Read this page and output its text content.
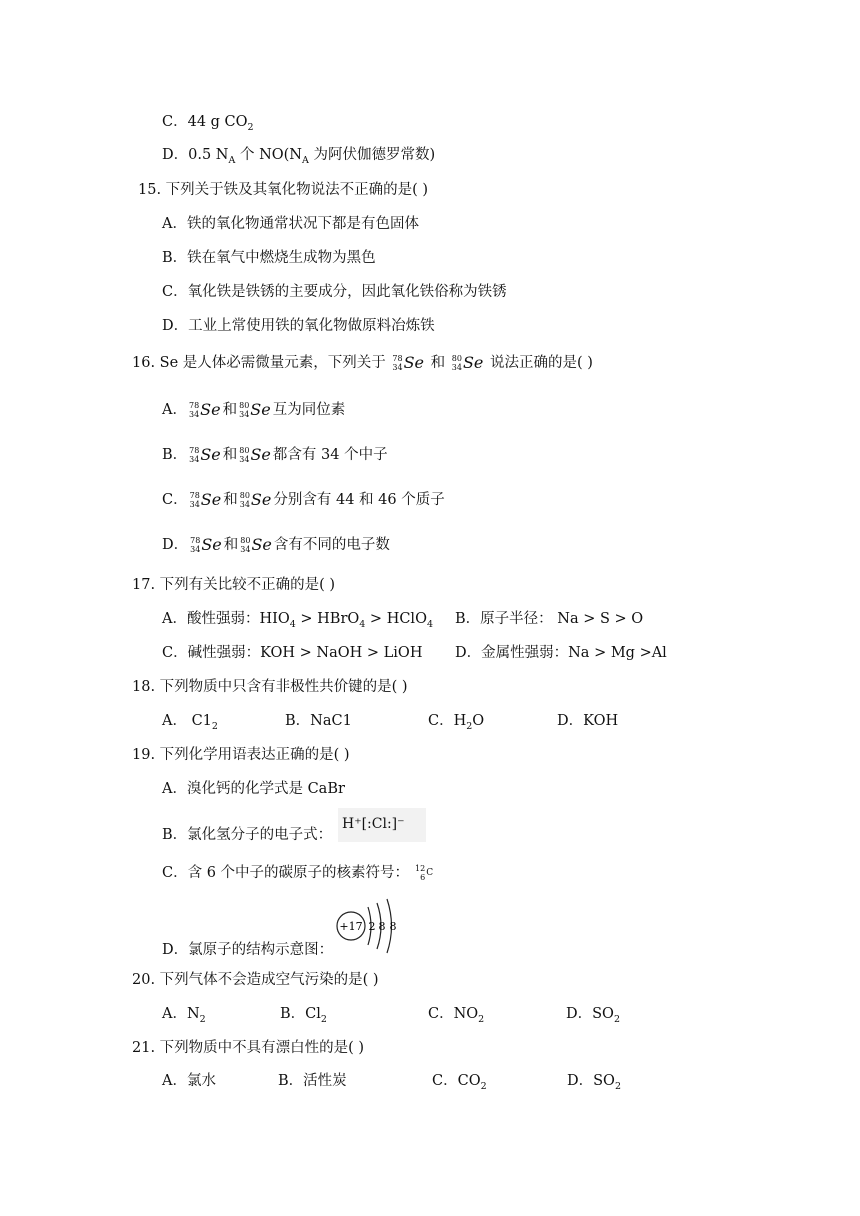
C．44 g $CO_2$
D．0.5 $N_A$ 个 $NO(N_A$ 为阿伏伽德罗常数)
15. 下列关于铁及其氧化物说法不正确的是( )
A．铁的氧化物通常状况下都是有色固体
B．铁在氧气中燃烧生成物为黑色
C．氧化铁是铁锈的主要成分，因此氧化铁俗称为铁锈
D．工业上常使用铁的氧化物做原料冶炼铁
16. Se 是人体必需微量元素，下列关于 78
34 Se 和 80
34 Se 说法正确的是( )
A． 78
34 Se 和 80
34 Se 互为同位素
B． 78
34 Se 和 80
34 Se 都含有 34 个中子
C． 78
34 Se 和 80
34 Se 分别含有 44 和 46 个质子
D． 78
34 Se 和 80
34 Se 含有不同的电子数
17. 下列有关比较不正确的是( )
A．酸性强弱：$HIO_4$ > HBrO$_4$ > HClO$_4$ B．原子半径： Na > S > O
C．碱性强弱：KOH > NaOH > LiOH D．金属性强弱：Na > Mg >Al
18. 下列物质中只含有非极性共价键的是( )
A． $C1_2$	B．NaC1	C．$H_2O$	D．KOH
19. 下列化学用语表达正确的是( )
A．溴化钙的化学式是 CaBr
B．氯化氢分子的电子式：
H⁺[:Cl:]⁻
C．含 6 个中子的碳原子的核素符号： 12
6 C
D．氯原子的结构示意图：
+17 2 8 8
20. 下列气体不会造成空气污染的是( )
A．$N_2$	B．$Cl_2$	C．$NO_2$	D．$SO_2$
21. 下列物质中不具有漂白性的是( )
A．氯水	B．活性炭	C．$CO_2$	D．$SO_2$
